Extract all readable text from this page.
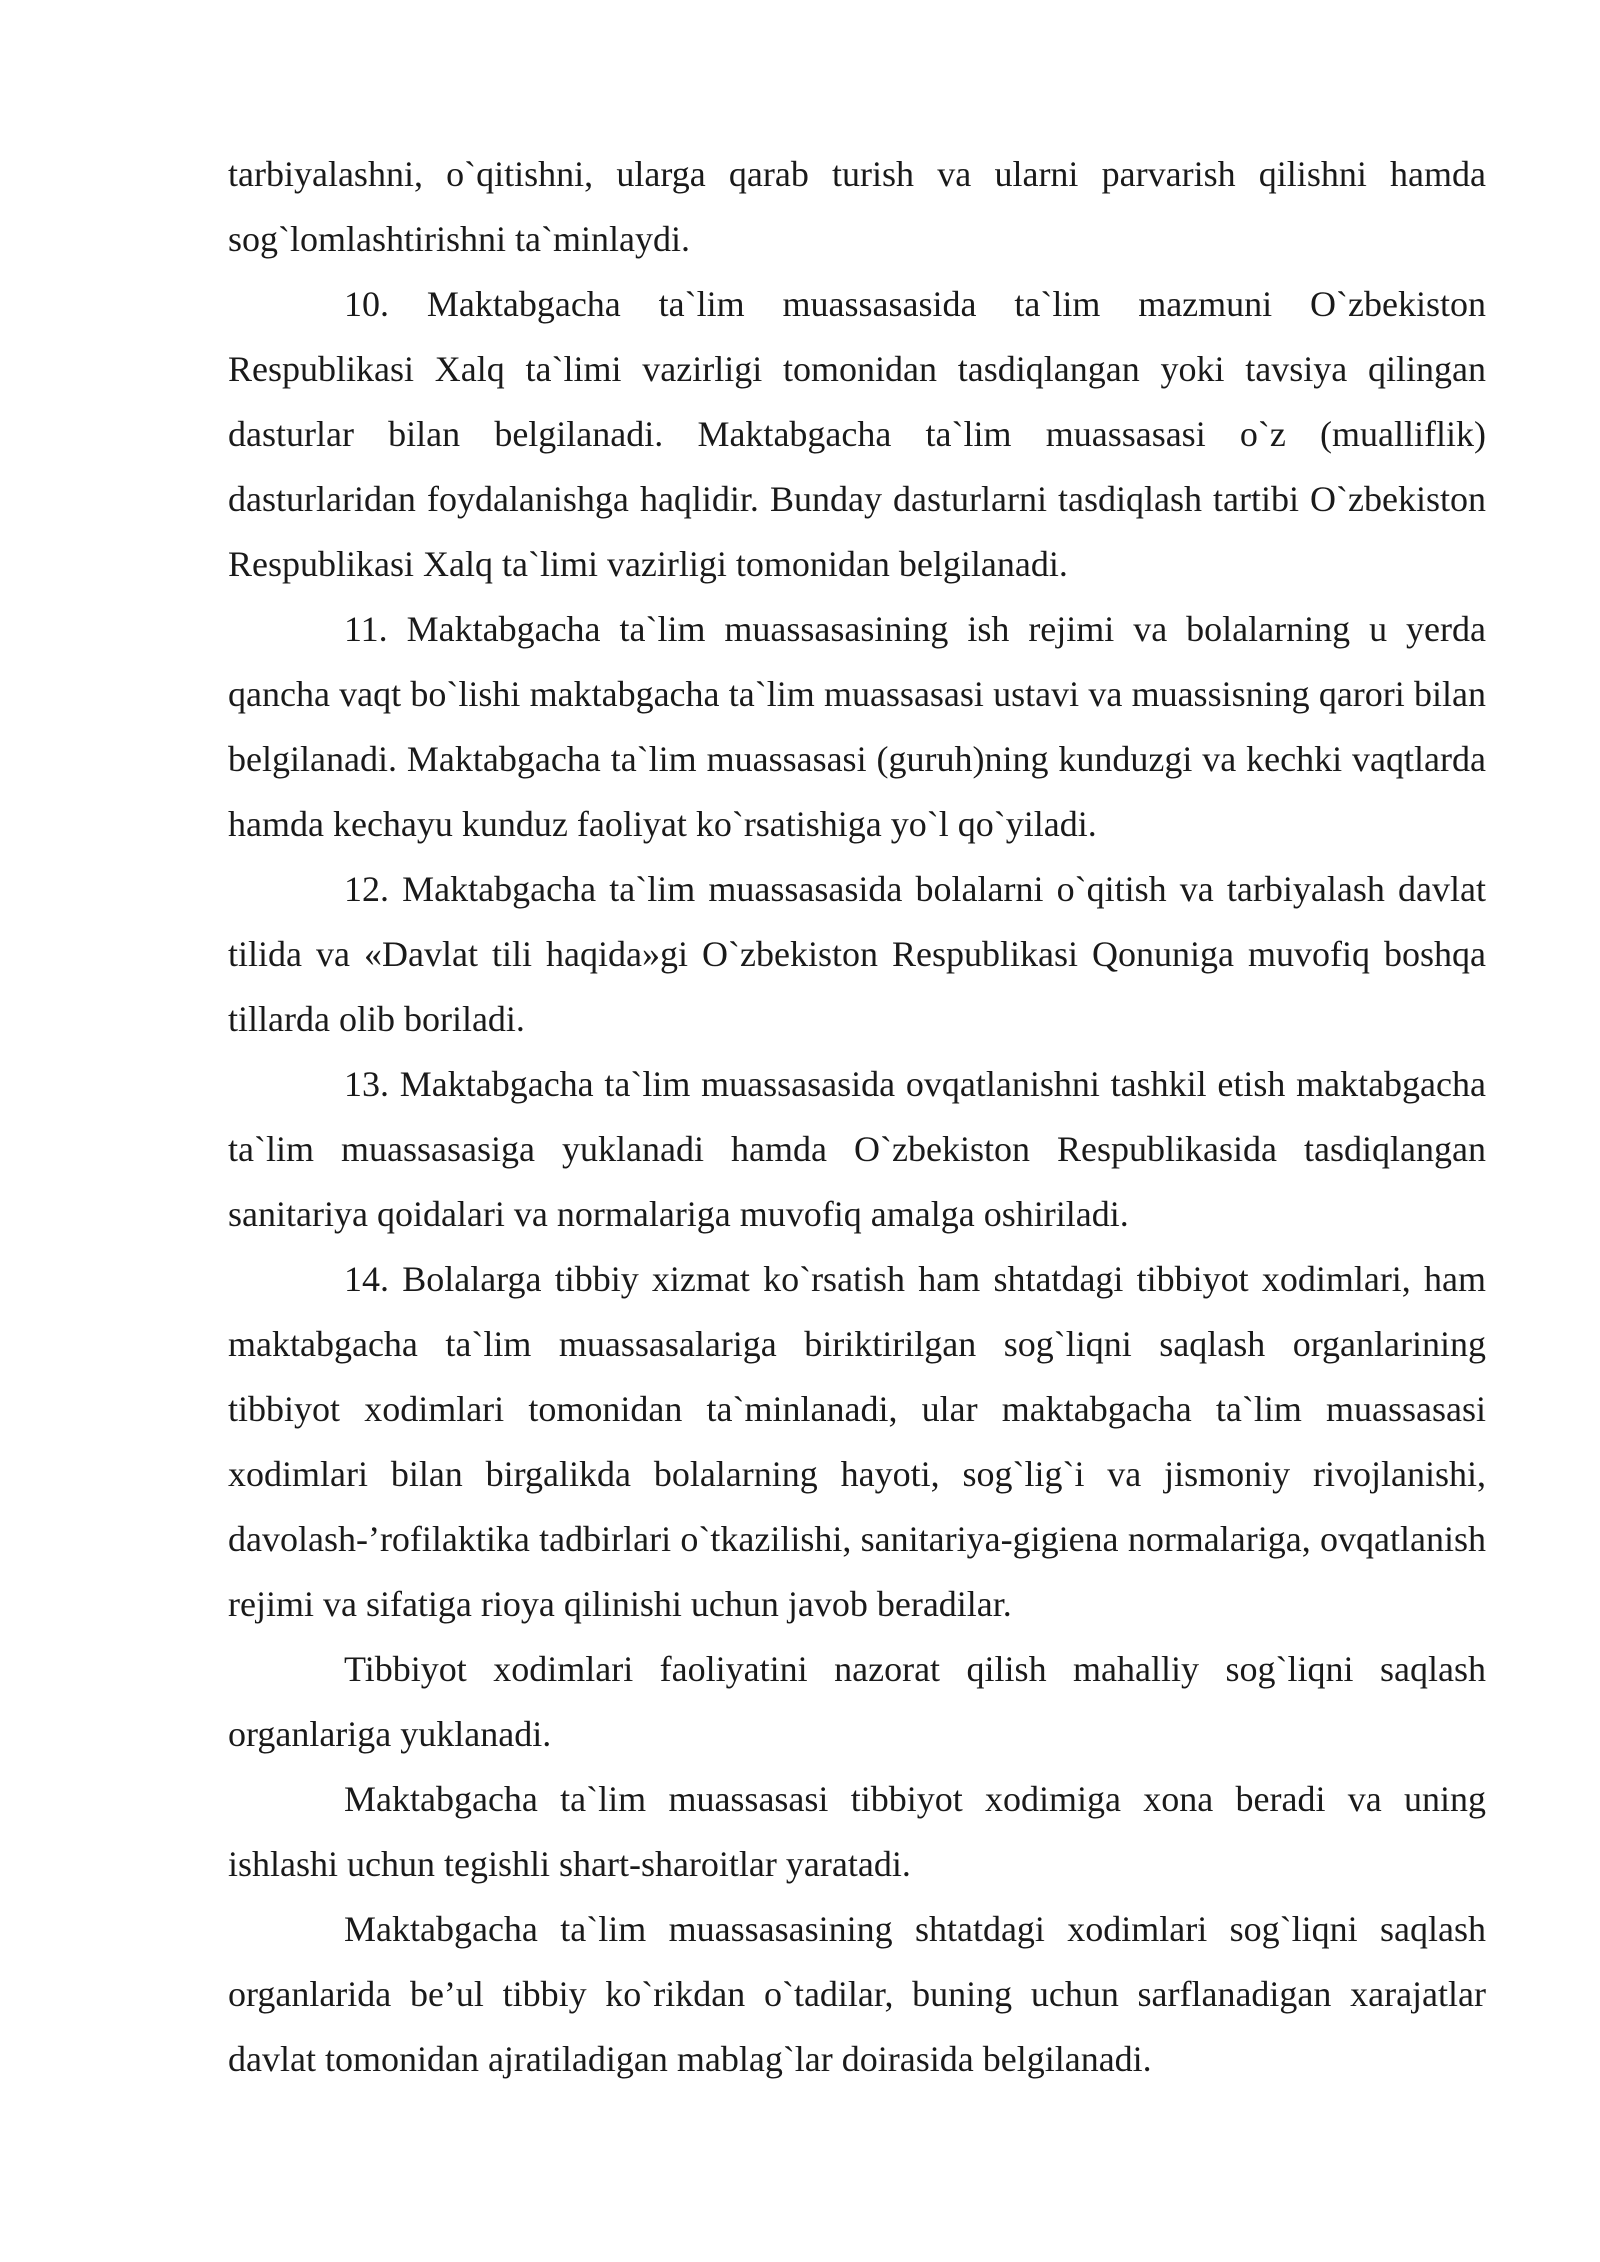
tarbiyalashni, o`qitishni, ularga qarab turish va ularni parvarish qilishni hamda sog`lomlashtirishni ta`minlaydi.

10. Maktabgacha ta`lim muassasasida ta`lim mazmuni O`zbekiston Respublikasi Xalq ta`limi vazirligi tomonidan tasdiqlangan yoki tavsiya qilingan dasturlar bilan belgilanadi. Maktabgacha ta`lim muassasasi o`z (mualliflik) dasturlaridan foydalanishga haqlidir. Bunday dasturlarni tasdiqlash tartibi O`zbekiston Respublikasi Xalq ta`limi vazirligi tomonidan belgilanadi.

11. Maktabgacha ta`lim muassasasining ish rejimi va bolalarning u yerda qancha vaqt bo`lishi maktabgacha ta`lim muassasasi ustavi va muassisning qarori bilan belgilanadi. Maktabgacha ta`lim muassasasi (guruh)ning kunduzgi va kechki vaqtlarda hamda kechayu kunduz faoliyat ko`rsatishiga yo`l qo`yiladi.

12. Maktabgacha ta`lim muassasasida bolalarni o`qitish va tarbiyalash davlat tilida va «Davlat tili haqida»gi O`zbekiston Respublikasi Qonuniga muvofiq boshqa tillarda olib boriladi.

13. Maktabgacha ta`lim muassasasida ovqatlanishni tashkil etish maktabgacha ta`lim muassasasiga yuklanadi hamda O`zbekiston Respublikasida tasdiqlangan sanitariya qoidalari va normalariga muvofiq amalga oshiriladi.

14. Bolalarga tibbiy xizmat ko`rsatish ham shtatdagi tibbiyot xodimlari, ham maktabgacha ta`lim muassasalariga biriktirilgan sog`liqni saqlash organlarining tibbiyot xodimlari tomonidan ta`minlanadi, ular maktabgacha ta`lim muassasasi xodimlari bilan birgalikda bolalarning hayoti, sog`lig`i va jismoniy rivojlanishi, davolash-’rofilaktika tadbirlari o`tkazilishi, sanitariya-gigiena normalariga, ovqatlanish rejimi va sifatiga rioya qilinishi uchun javob beradilar.

Tibbiyot xodimlari faoliyatini nazorat qilish mahalliy sog`liqni saqlash organlariga yuklanadi.

Maktabgacha ta`lim muassasasi tibbiyot xodimiga xona beradi va uning ishlashi uchun tegishli shart-sharoitlar yaratadi.

Maktabgacha ta`lim muassasasining shtatdagi xodimlari sog`liqni saqlash organlarida be’ul tibbiy ko`rikdan o`tadilar, buning uchun sarflanadigan xarajatlar davlat tomonidan ajratiladigan mablag`lar doirasida belgilanadi.
